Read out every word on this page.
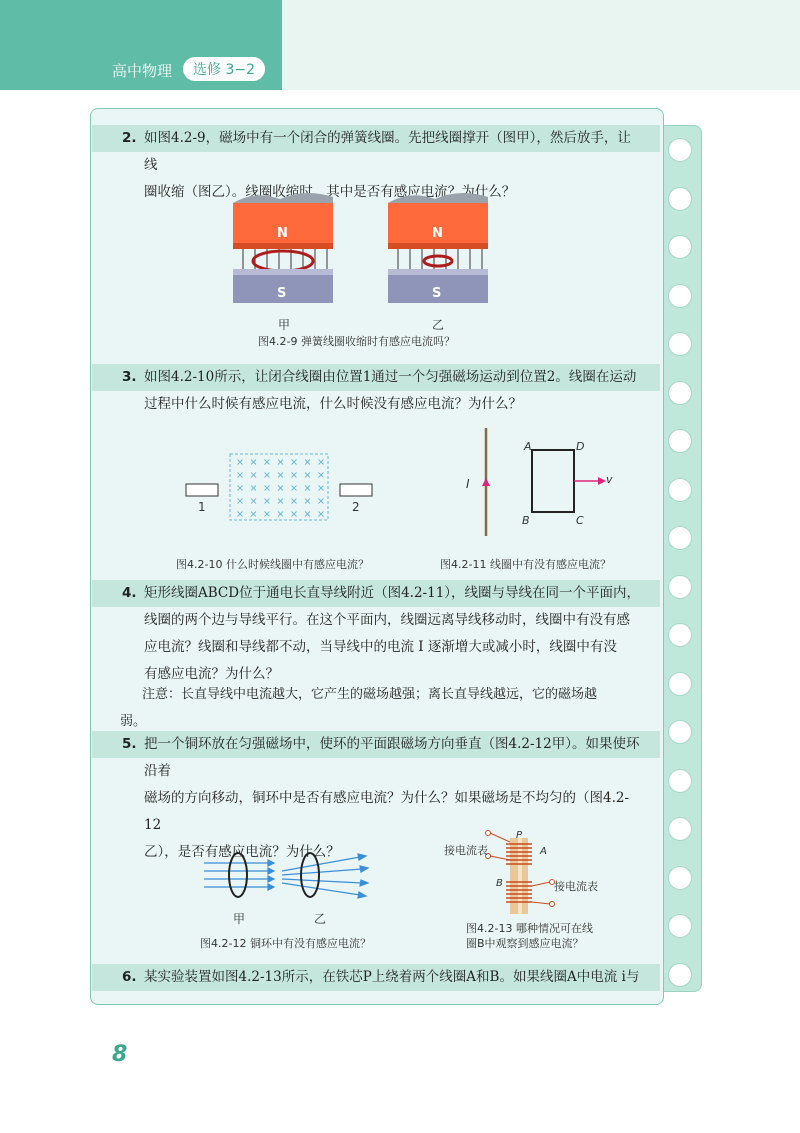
高中物理	选修 3−2
2. 如图4.2-9，磁场中有一个闭合的弹簧线圈。先把线圈撑开（图甲），然后放手，让线
圈收缩（图乙）。线圈收缩时，其中是否有感应电流？为什么？
N
S
N
S
甲	乙
图4.2-9 弹簧线圈收缩时有感应电流吗？
3. 如图4.2-10所示，让闭合线圈由位置1通过一个匀强磁场运动到位置2。线圈在运动
过程中什么时候有感应电流，什么时候没有感应电流？为什么？
1	2
图4.2-10 什么时候线圈中有感应电流？
I
A	D
B	C
v
图4.2-11 线圈中有没有感应电流？
4. 矩形线圈ABCD位于通电长直导线附近（图4.2-11），线圈与导线在同一个平面内，
线圈的两个边与导线平行。在这个平面内，线圈远离导线移动时，线圈中有没有感
应电流？线圈和导线都不动，当导线中的电流 I 逐渐增大或减小时，线圈中有没
有感应电流？为什么？
注意：长直导线中电流越大，它产生的磁场越强；离长直导线越远，它的磁场越
弱。
5. 把一个铜环放在匀强磁场中，使环的平面跟磁场方向垂直（图4.2-12甲）。如果使环沿着
磁场的方向移动，铜环中是否有感应电流？为什么？如果磁场是不均匀的（图4.2-12
乙），是否有感应电流？为什么？
甲	乙
图4.2-12 铜环中有没有感应电流？
P
A
B
接电流表
接电流表
图4.2-13 哪种情况可在线
圈B中观察到感应电流？
6. 某实验装置如图4.2-13所示，在铁芯P上绕着两个线圈A和B。如果线圈A中电流 i与
8
